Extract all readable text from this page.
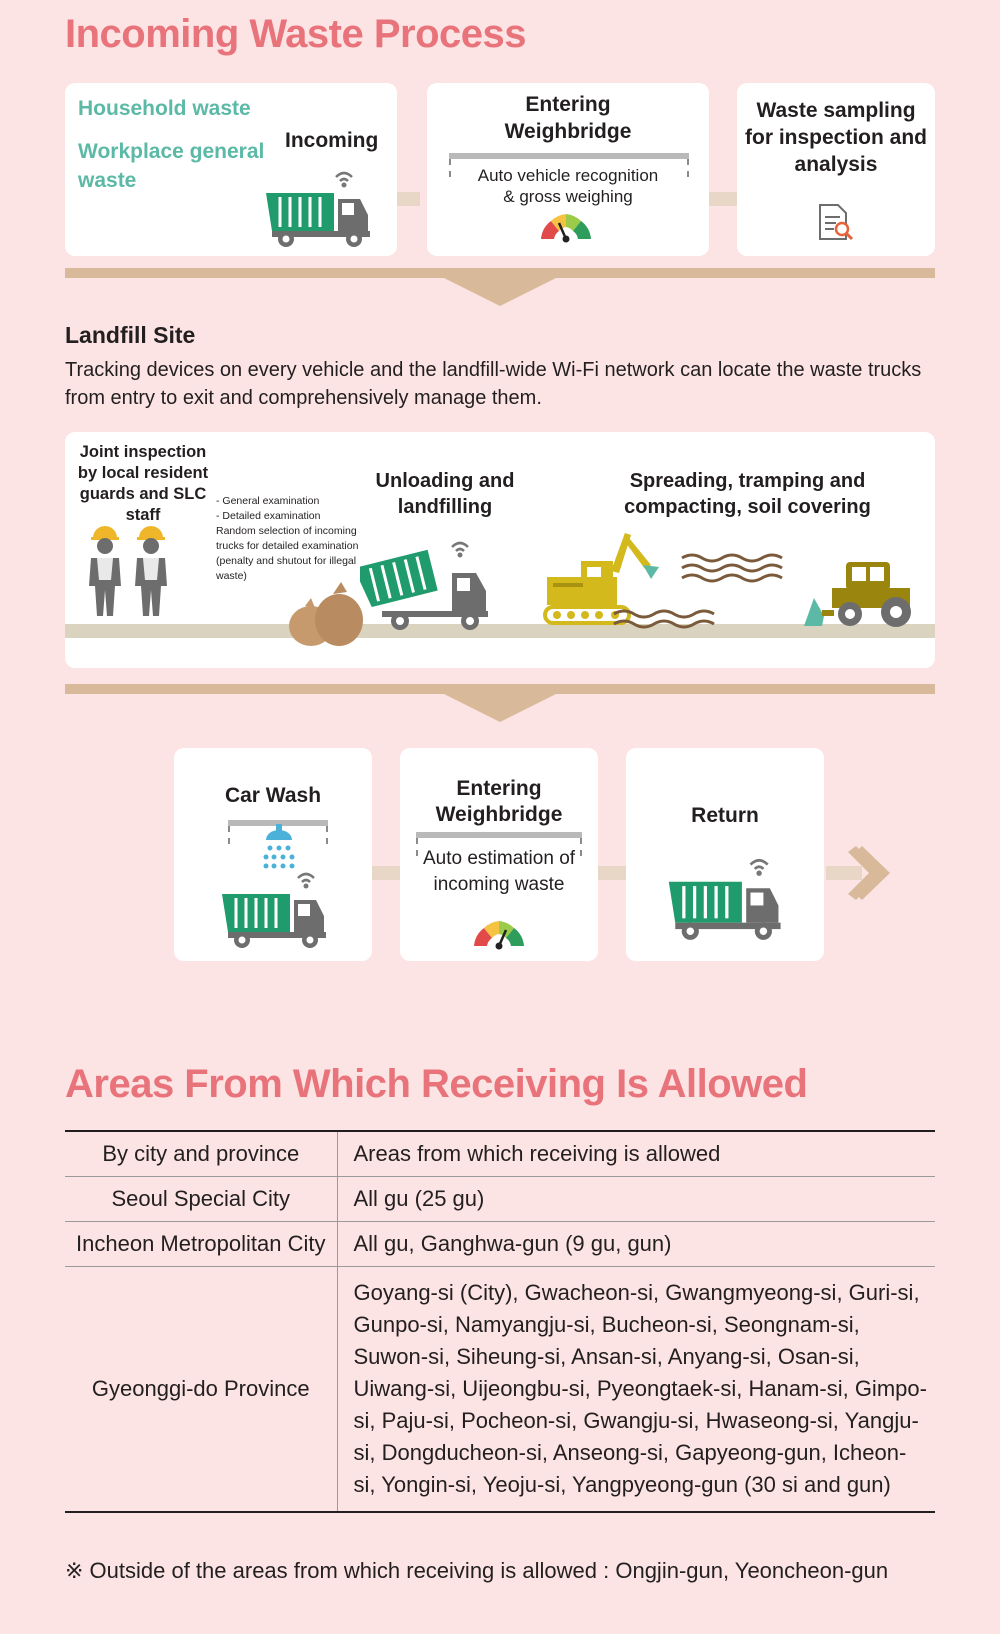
Incoming Waste Process
Household waste
Workplace general waste
Incoming
Entering Weighbridge
Auto vehicle recognition & gross weighing
Waste sampling for inspection and analysis
Landfill Site
Tracking devices on every vehicle and the landfill-wide Wi-Fi network can locate the waste trucks from entry to exit and comprehensively manage them.
Joint inspection by local resident guards and SLC staff
- General examination
- Detailed examination
Random selection of incoming trucks for detailed examination (penalty and shutout for illegal waste)
Unloading and landfilling
Spreading, tramping and compacting, soil covering
Car Wash	Entering Weighbridge
Auto estimation of incoming waste
Return
Areas From Which Receiving Is Allowed
By city and province	Areas from which receiving is allowed
Seoul Special City	All gu (25 gu)
Incheon Metropolitan City	All gu, Ganghwa-gun (9 gu, gun)
Gyeonggi-do Province	Goyang-si (City), Gwacheon-si, Gwangmyeong-si, Guri-si, Gunpo-si, Namyangju-si, Bucheon-si, Seongnam-si, Suwon-si, Siheung-si, Ansan-si, Anyang-si, Osan-si, Uiwang-si, Uijeongbu-si, Pyeongtaek-si, Hanam-si, Gimpo-si, Paju-si, Pocheon-si, Gwangju-si, Hwaseong-si, Yangju-si, Dongducheon-si, Anseong-si, Gapyeong-gun, Icheon-si, Yongin-si, Yeoju-si, Yangpyeong-gun (30 si and gun)
※ Outside of the areas from which receiving is allowed : Ongjin-gun, Yeoncheon-gun
